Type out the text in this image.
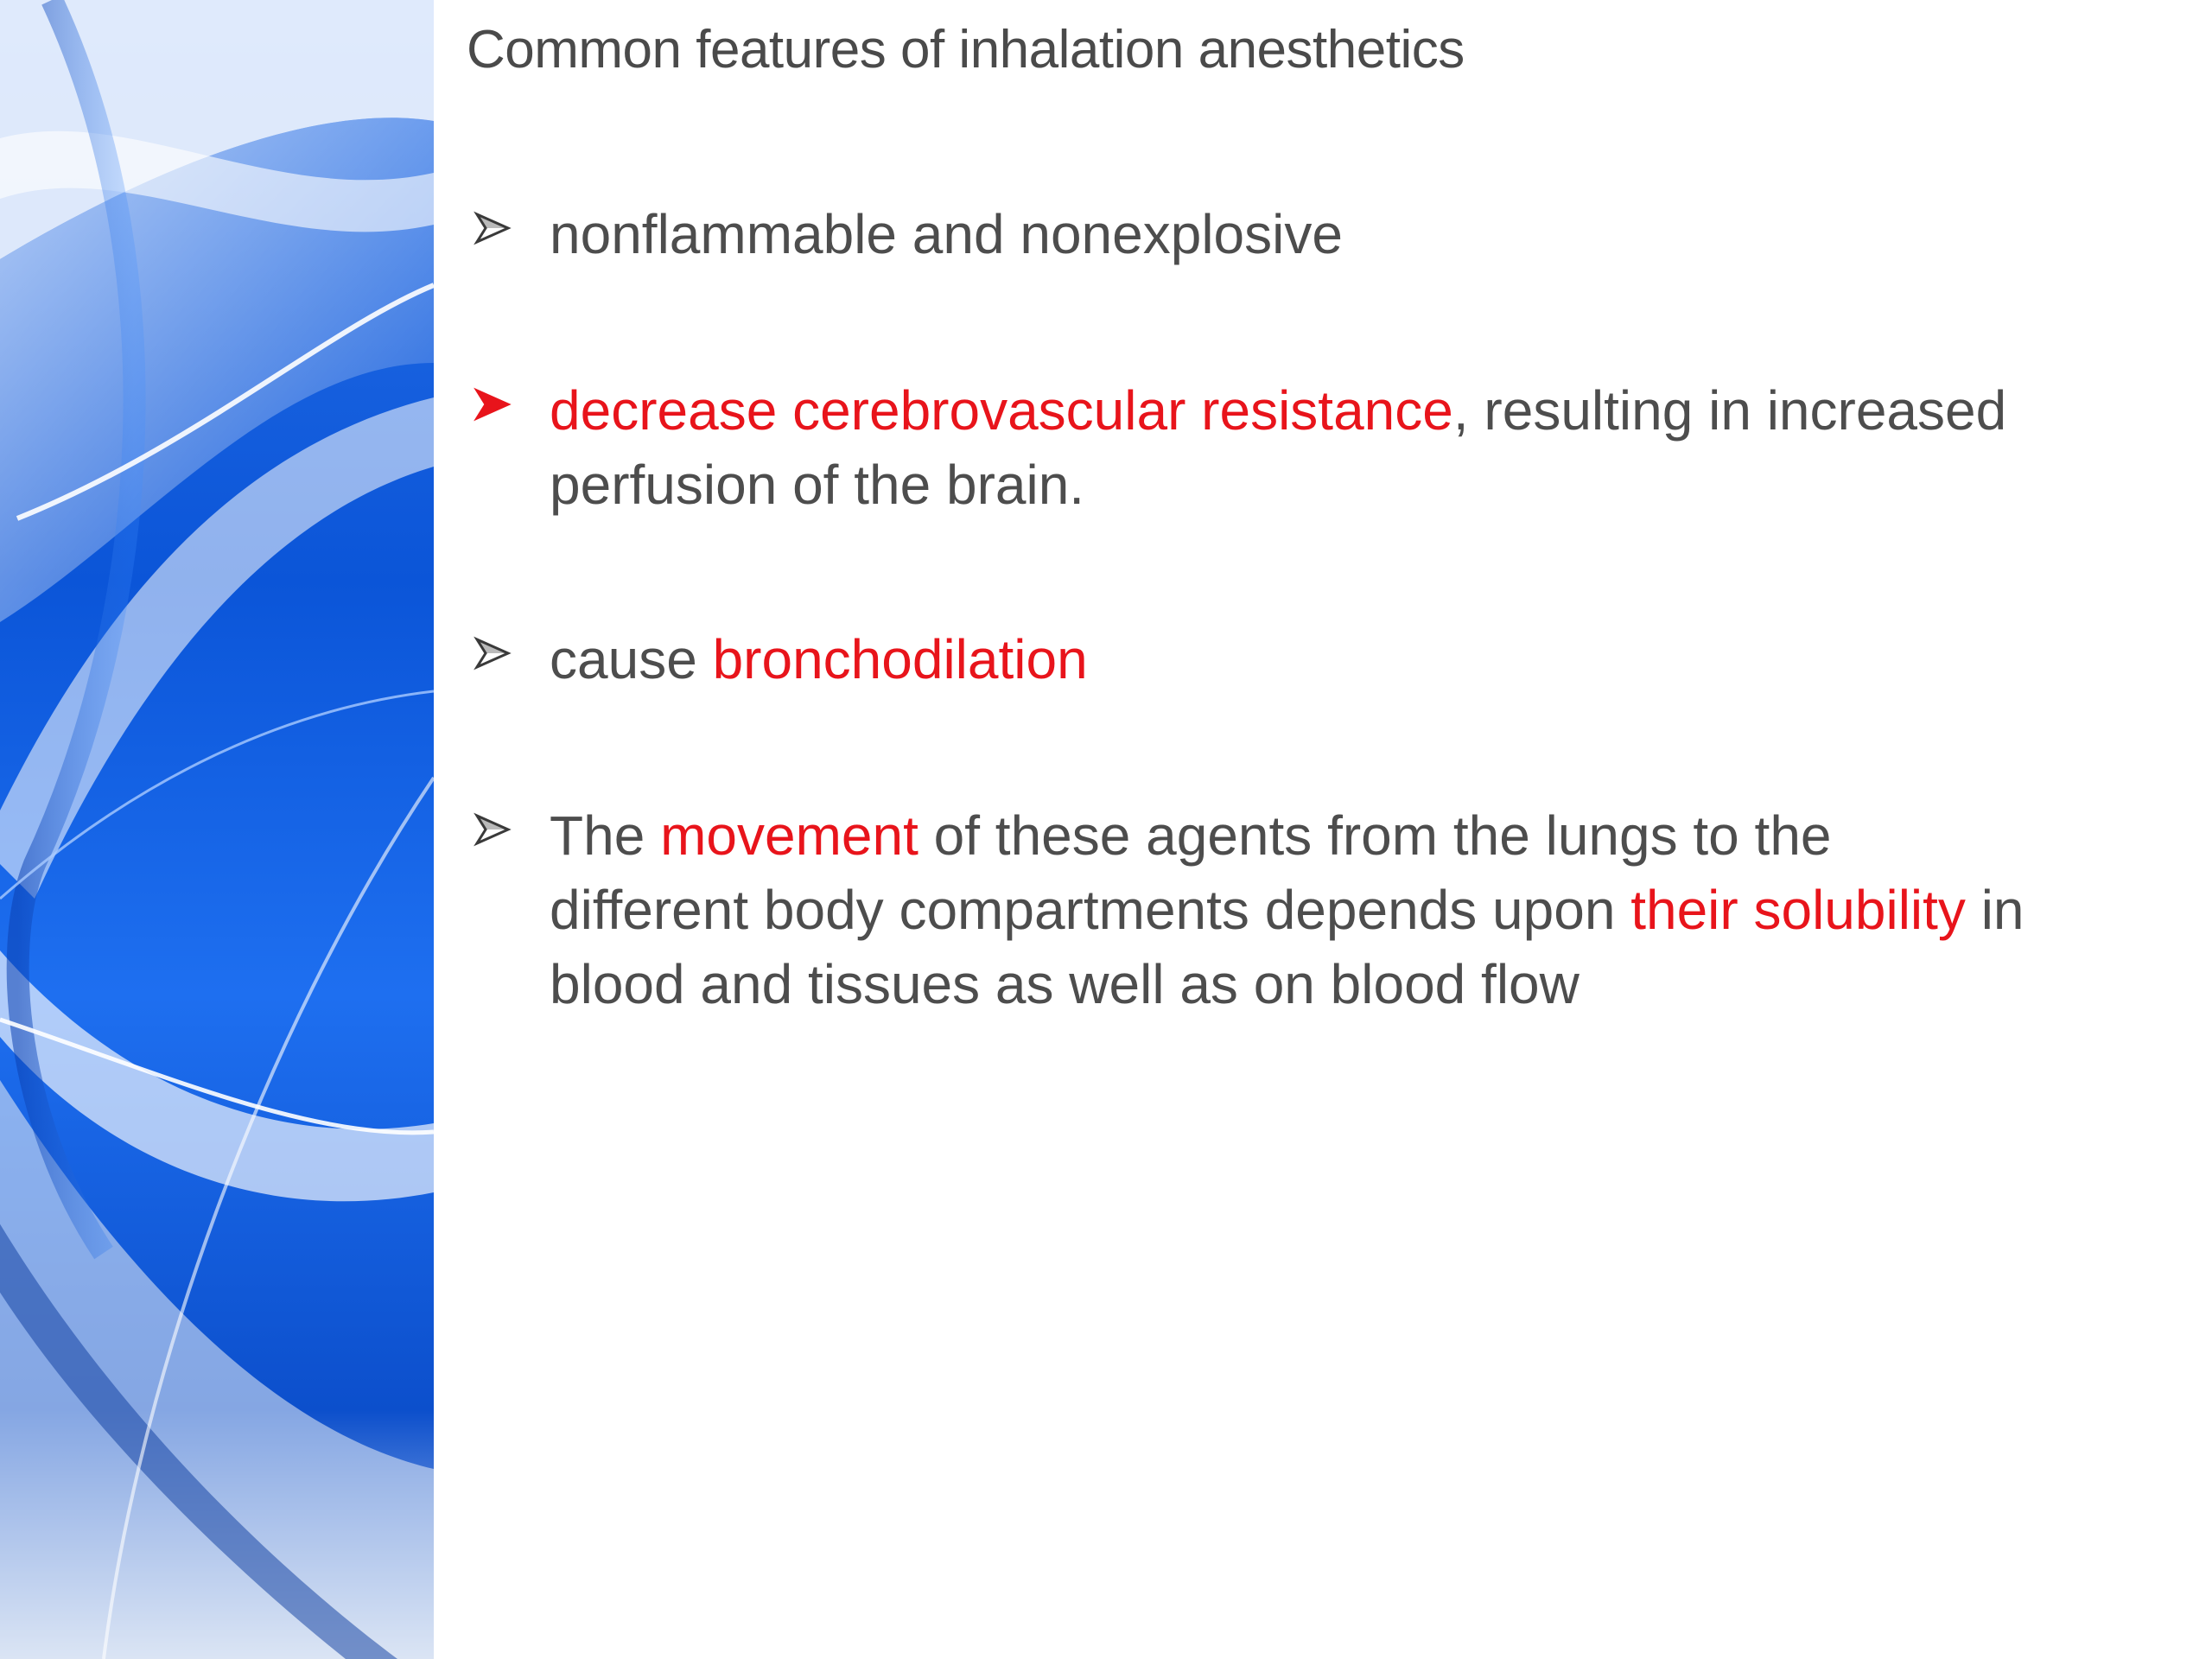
Common features of inhalation anesthetics
nonflammable and nonexplosive
decrease cerebrovascular resistance, resulting in increased
perfusion of the brain.
cause bronchodilation
The movement of these agents from the lungs to the
different body compartments depends upon their solubility in
blood and tissues as well as on blood flow
